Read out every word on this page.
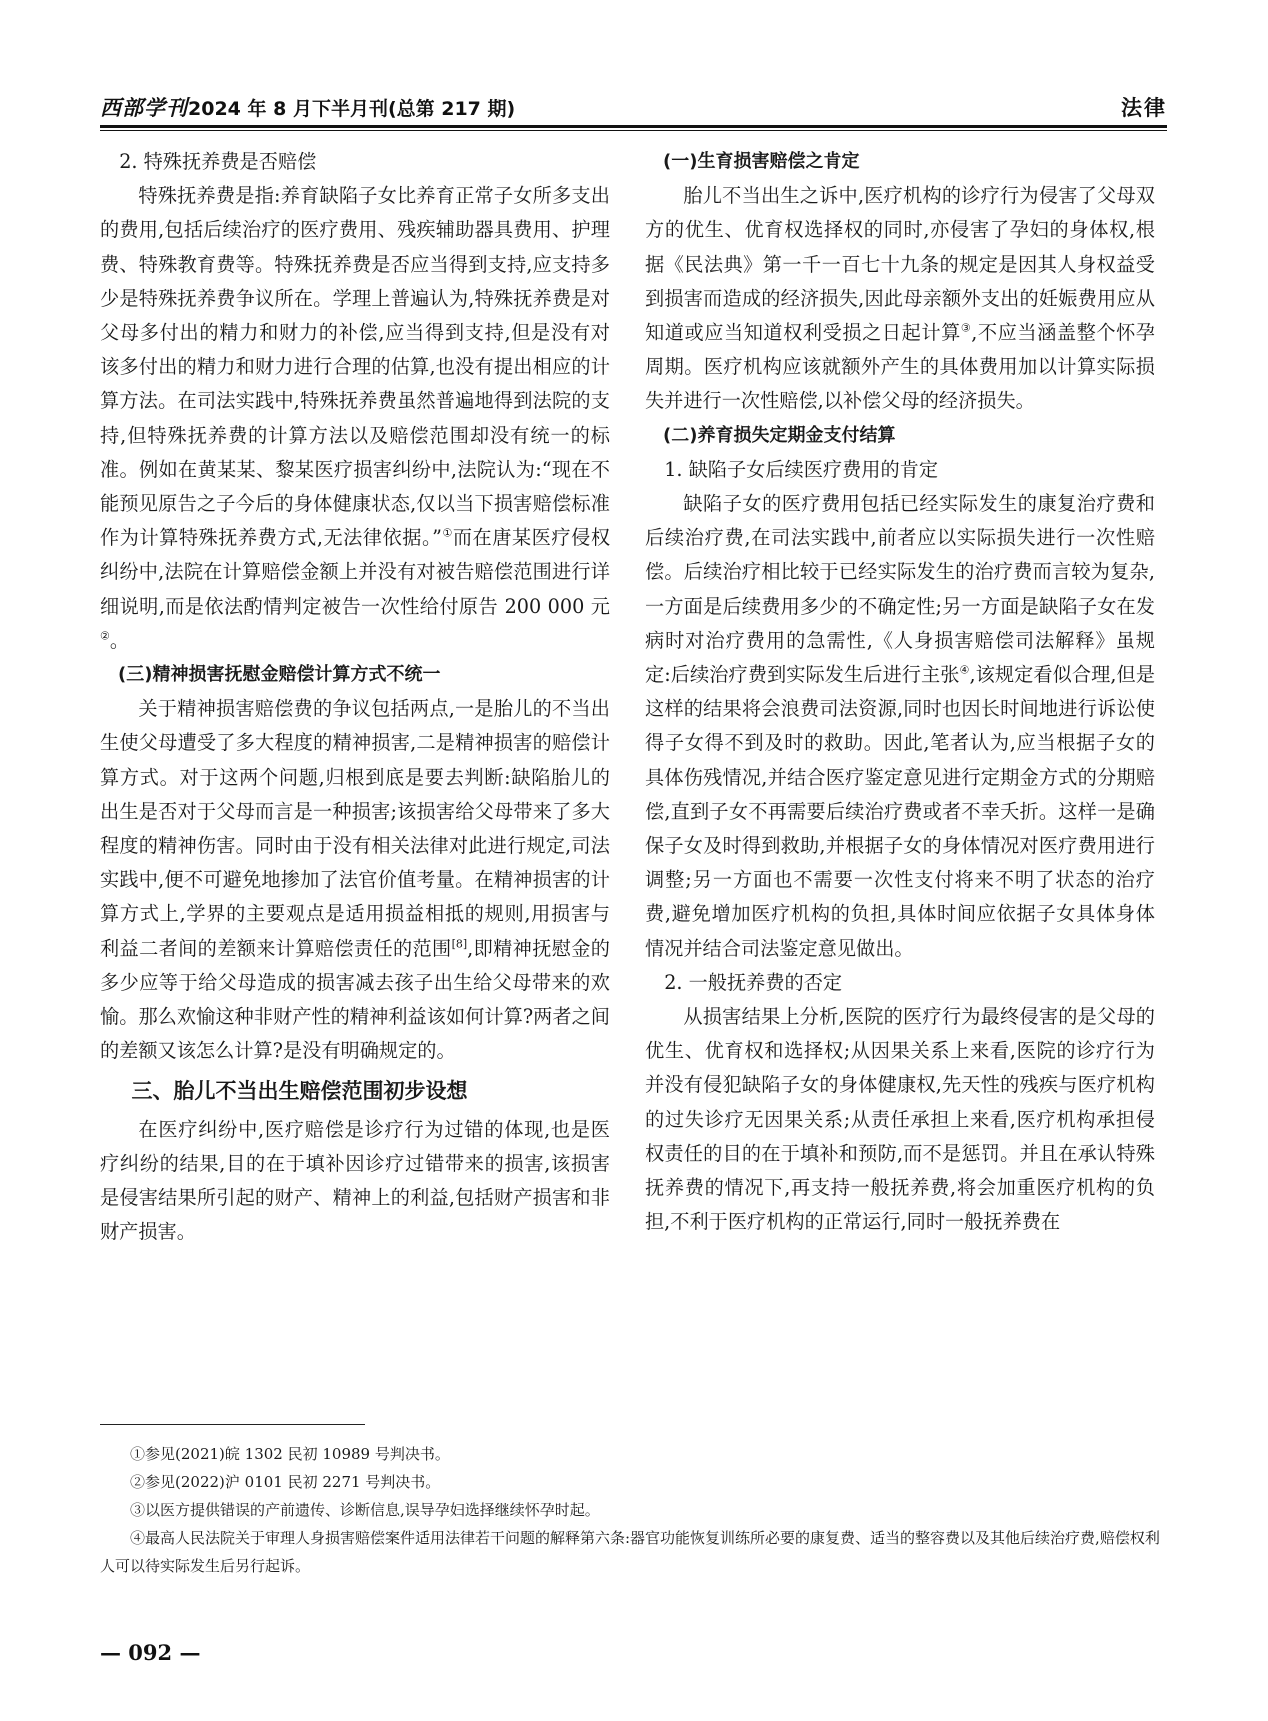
西部学刊 2024 年 8 月下半月刊(总第 217 期)	法律

2. 特殊抚养费是否赔偿

特殊抚养费是指:养育缺陷子女比养育正常子女所多支出的费用,包括后续治疗的医疗费用、残疾辅助器具费用、护理费、特殊教育费等。特殊抚养费是否应当得到支持,应支持多少是特殊抚养费争议所在。学理上普遍认为,特殊抚养费是对父母多付出的精力和财力的补偿,应当得到支持,但是没有对该多付出的精力和财力进行合理的估算,也没有提出相应的计算方法。在司法实践中,特殊抚养费虽然普遍地得到法院的支持,但特殊抚养费的计算方法以及赔偿范围却没有统一的标准。例如在黄某某、黎某医疗损害纠纷中,法院认为:“现在不能预见原告之子今后的身体健康状态,仅以当下损害赔偿标准作为计算特殊抚养费方式,无法律依据。”①而在唐某医疗侵权纠纷中,法院在计算赔偿金额上并没有对被告赔偿范围进行详细说明,而是依法酌情判定被告一次性给付原告 200 000 元②。

(三)精神损害抚慰金赔偿计算方式不统一

关于精神损害赔偿费的争议包括两点,一是胎儿的不当出生使父母遭受了多大程度的精神损害,二是精神损害的赔偿计算方式。对于这两个问题,归根到底是要去判断:缺陷胎儿的出生是否对于父母而言是一种损害;该损害给父母带来了多大程度的精神伤害。同时由于没有相关法律对此进行规定,司法实践中,便不可避免地掺加了法官价值考量。在精神损害的计算方式上,学界的主要观点是适用损益相抵的规则,用损害与利益二者间的差额来计算赔偿责任的范围[8],即精神抚慰金的多少应等于给父母造成的损害减去孩子出生给父母带来的欢愉。那么欢愉这种非财产性的精神利益该如何计算?两者之间的差额又该怎么计算?是没有明确规定的。

三、胎儿不当出生赔偿范围初步设想

在医疗纠纷中,医疗赔偿是诊疗行为过错的体现,也是医疗纠纷的结果,目的在于填补因诊疗过错带来的损害,该损害是侵害结果所引起的财产、精神上的利益,包括财产损害和非财产损害。

(一)生育损害赔偿之肯定

胎儿不当出生之诉中,医疗机构的诊疗行为侵害了父母双方的优生、优育权选择权的同时,亦侵害了孕妇的身体权,根据《民法典》第一千一百七十九条的规定是因其人身权益受到损害而造成的经济损失,因此母亲额外支出的妊娠费用应从知道或应当知道权利受损之日起计算③,不应当涵盖整个怀孕周期。医疗机构应该就额外产生的具体费用加以计算实际损失并进行一次性赔偿,以补偿父母的经济损失。

(二)养育损失定期金支付结算

1. 缺陷子女后续医疗费用的肯定

缺陷子女的医疗费用包括已经实际发生的康复治疗费和后续治疗费,在司法实践中,前者应以实际损失进行一次性赔偿。后续治疗相比较于已经实际发生的治疗费而言较为复杂,一方面是后续费用多少的不确定性;另一方面是缺陷子女在发病时对治疗费用的急需性,《人身损害赔偿司法解释》虽规定:后续治疗费到实际发生后进行主张④,该规定看似合理,但是这样的结果将会浪费司法资源,同时也因长时间地进行诉讼使得子女得不到及时的救助。因此,笔者认为,应当根据子女的具体伤残情况,并结合医疗鉴定意见进行定期金方式的分期赔偿,直到子女不再需要后续治疗费或者不幸夭折。这样一是确保子女及时得到救助,并根据子女的身体情况对医疗费用进行调整;另一方面也不需要一次性支付将来不明了状态的治疗费,避免增加医疗机构的负担,具体时间应依据子女具体身体情况并结合司法鉴定意见做出。

2. 一般抚养费的否定

从损害结果上分析,医院的医疗行为最终侵害的是父母的优生、优育权和选择权;从因果关系上来看,医院的诊疗行为并没有侵犯缺陷子女的身体健康权,先天性的残疾与医疗机构的过失诊疗无因果关系;从责任承担上来看,医疗机构承担侵权责任的目的在于填补和预防,而不是惩罚。并且在承认特殊抚养费的情况下,再支持一般抚养费,将会加重医疗机构的负担,不利于医疗机构的正常运行,同时一般抚养费在

①参见(2021)皖 1302 民初 10989 号判决书。

②参见(2022)沪 0101 民初 2271 号判决书。

③以医方提供错误的产前遗传、诊断信息,误导孕妇选择继续怀孕时起。

④最高人民法院关于审理人身损害赔偿案件适用法律若干问题的解释第六条:器官功能恢复训练所必要的康复费、适当的整容费以及其他后续治疗费,赔偿权利人可以待实际发生后另行起诉。

— 092 —
